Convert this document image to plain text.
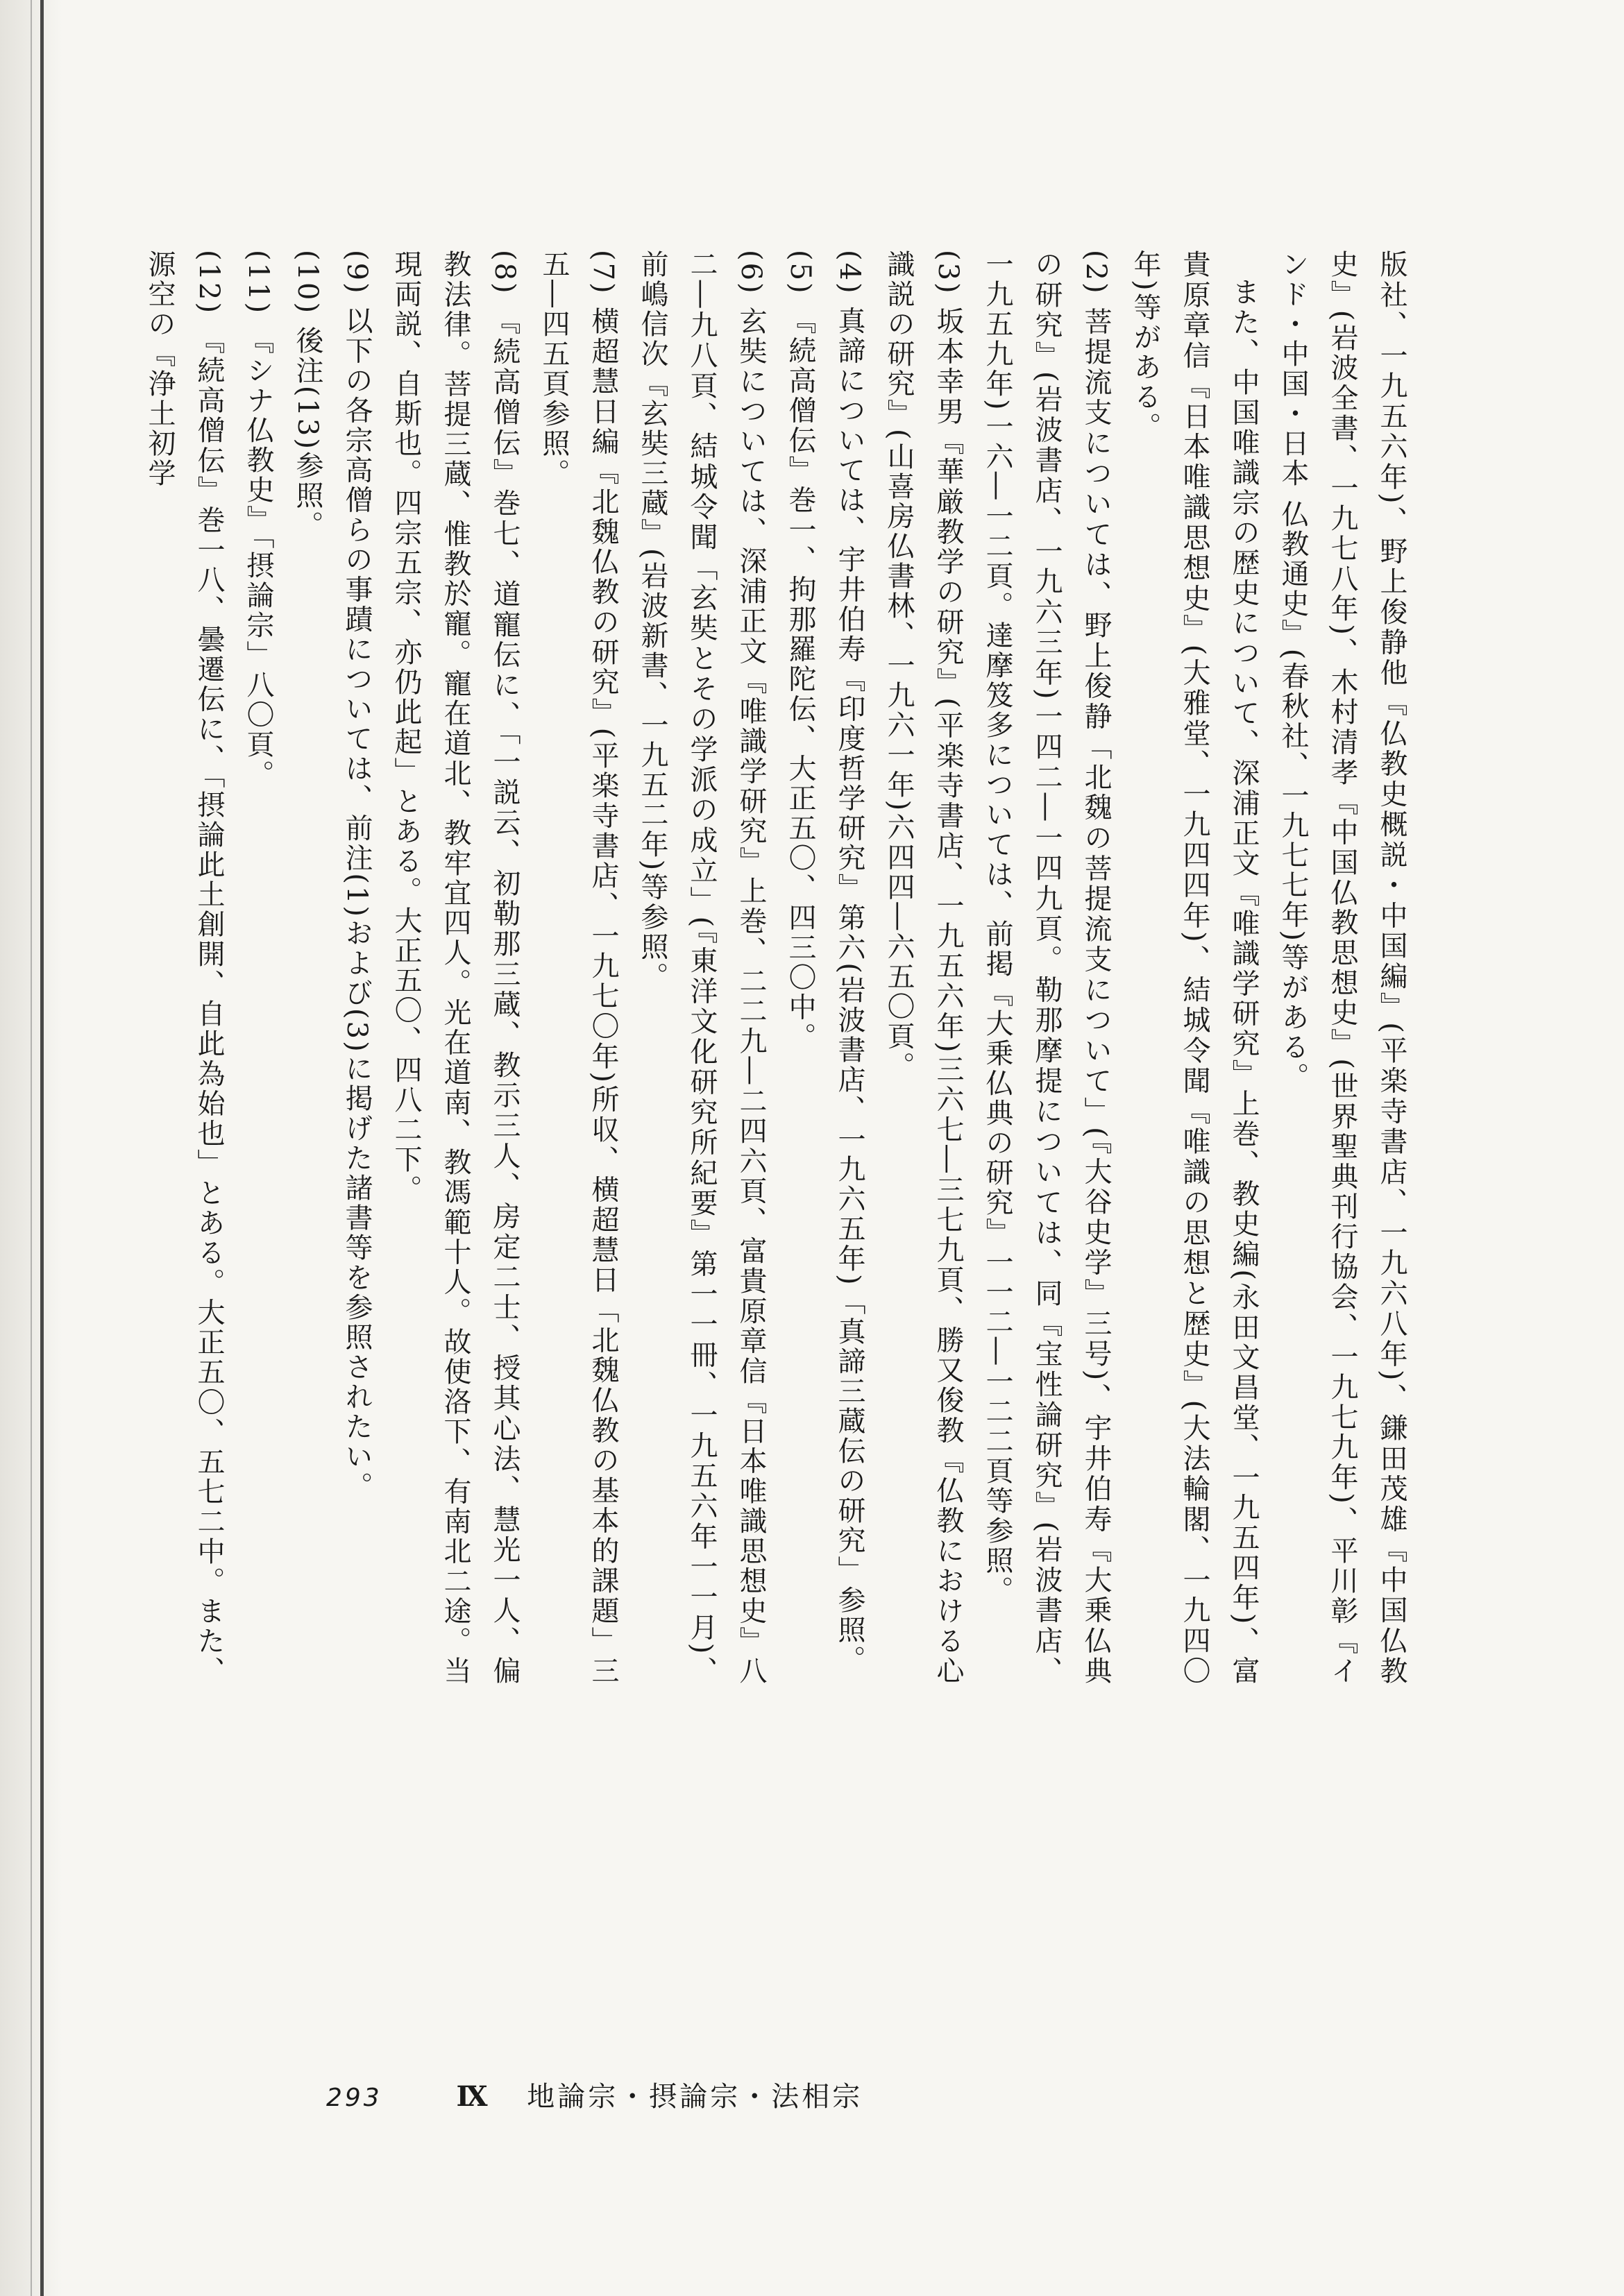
版社、一九五六年)、野上俊静他『仏教史概説・中国編』(平楽寺書店、一九六八年)、鎌田茂雄『中国仏教史』(岩波全書、一九七八年)、木村清孝『中国仏教思想史』(世界聖典刊行協会、一九七九年)、平川彰『インド・中国・日本 仏教通史』(春秋社、一九七七年)等がある。

また、中国唯識宗の歴史について、深浦正文『唯識学研究』上巻、教史編(永田文昌堂、一九五四年)、富貴原章信『日本唯識思想史』(大雅堂、一九四四年)、結城令聞『唯識の思想と歴史』(大法輪閣、一九四〇年)等がある。

(2) 菩提流支については、野上俊静「北魏の菩提流支について」(『大谷史学』三号)、宇井伯寿『大乗仏典の研究』(岩波書店、一九六三年)一四二―一四九頁。勒那摩提については、同『宝性論研究』(岩波書店、一九五九年)一六―一二頁。達摩笈多については、前掲『大乗仏典の研究』一一二―一二二頁等参照。

(3) 坂本幸男『華厳教学の研究』(平楽寺書店、一九五六年)三六七―三七九頁、勝又俊教『仏教における心識説の研究』(山喜房仏書林、一九六一年)六四四―六五〇頁。

(4) 真諦については、宇井伯寿『印度哲学研究』第六(岩波書店、一九六五年)「真諦三蔵伝の研究」参照。

(5) 『続高僧伝』巻一、拘那羅陀伝、大正五〇、四三〇中。

(6) 玄奘については、深浦正文『唯識学研究』上巻、二二九―二四六頁、富貴原章信『日本唯識思想史』八二―九八頁、結城令聞「玄奘とその学派の成立」(『東洋文化研究所紀要』第一一冊、一九五六年一一月)、前嶋信次『玄奘三蔵』(岩波新書、一九五二年)等参照。

(7) 横超慧日編『北魏仏教の研究』(平楽寺書店、一九七〇年)所収、横超慧日「北魏仏教の基本的課題」三五―四五頁参照。

(8) 『続高僧伝』巻七、道寵伝に、「一説云、初勒那三蔵、教示三人、房定二士、授其心法、慧光一人、偏教法律。菩提三蔵、惟教於寵。寵在道北、教牢宜四人。光在道南、教馮範十人。故使洛下、有南北二途。当現両説、自斯也。四宗五宗、亦仍此起」とある。大正五〇、四八二下。

(9) 以下の各宗高僧らの事蹟については、前注(1)および(3)に掲げた諸書等を参照されたい。

(10) 後注(13)参照。

(11) 『シナ仏教史』「摂論宗」八〇頁。

(12) 『続高僧伝』巻一八、曇遷伝に、「摂論此土創開、自此為始也」とある。大正五〇、五七二中。また、源空の『浄土初学

293	Ⅸ 地論宗・摂論宗・法相宗
